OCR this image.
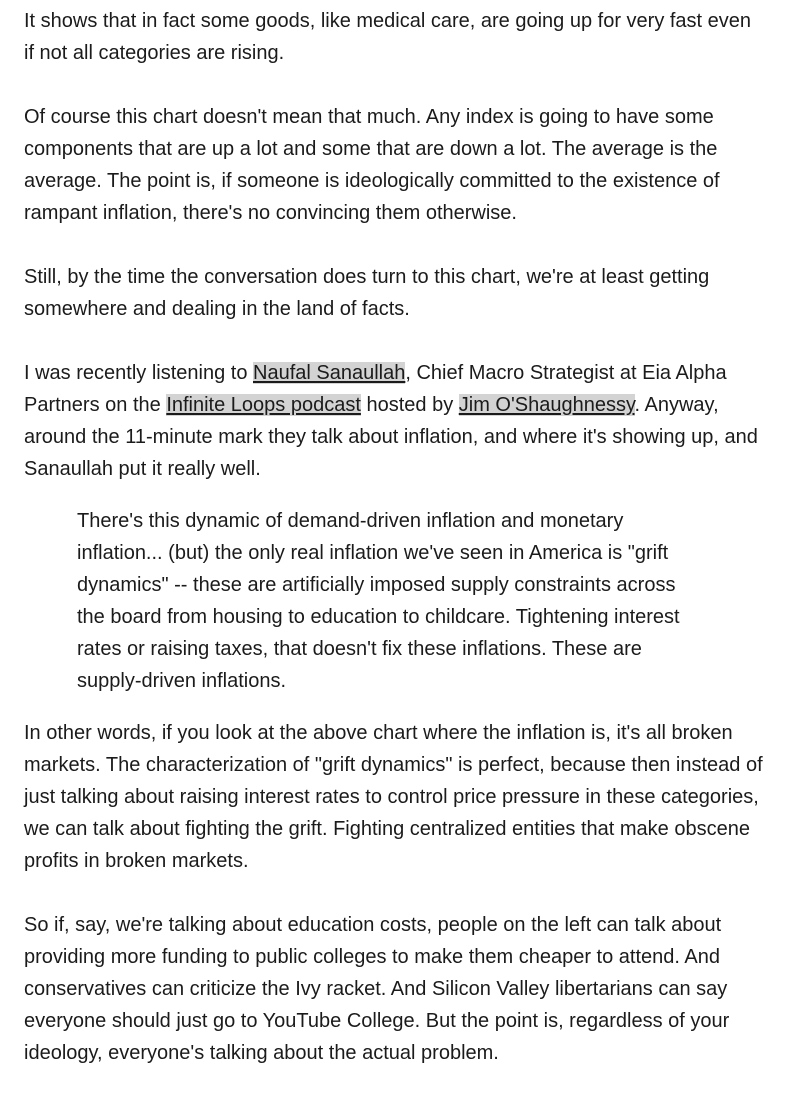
It shows that in fact some goods, like medical care, are going up for very fast even if not all categories are rising.

Of course this chart doesn't mean that much. Any index is going to have some components that are up a lot and some that are down a lot. The average is the average. The point is, if someone is ideologically committed to the existence of rampant inflation, there's no convincing them otherwise.

Still, by the time the conversation does turn to this chart, we're at least getting somewhere and dealing in the land of facts.

I was recently listening to Naufal Sanaullah, Chief Macro Strategist at Eia Alpha Partners on the Infinite Loops podcast hosted by Jim O'Shaughnessy. Anyway, around the 11-minute mark they talk about inflation, and where it's showing up, and Sanaullah put it really well.

There's this dynamic of demand-driven inflation and monetary inflation... (but) the only real inflation we've seen in America is "grift dynamics" -- these are artificially imposed supply constraints across the board from housing to education to childcare. Tightening interest rates or raising taxes, that doesn't fix these inflations. These are supply-driven inflations.

In other words, if you look at the above chart where the inflation is, it's all broken markets. The characterization of "grift dynamics" is perfect, because then instead of just talking about raising interest rates to control price pressure in these categories, we can talk about fighting the grift. Fighting centralized entities that make obscene profits in broken markets.

So if, say, we're talking about education costs, people on the left can talk about providing more funding to public colleges to make them cheaper to attend. And conservatives can criticize the Ivy racket. And Silicon Valley libertarians can say everyone should just go to YouTube College. But the point is, regardless of your ideology, everyone's talking about the actual problem.
